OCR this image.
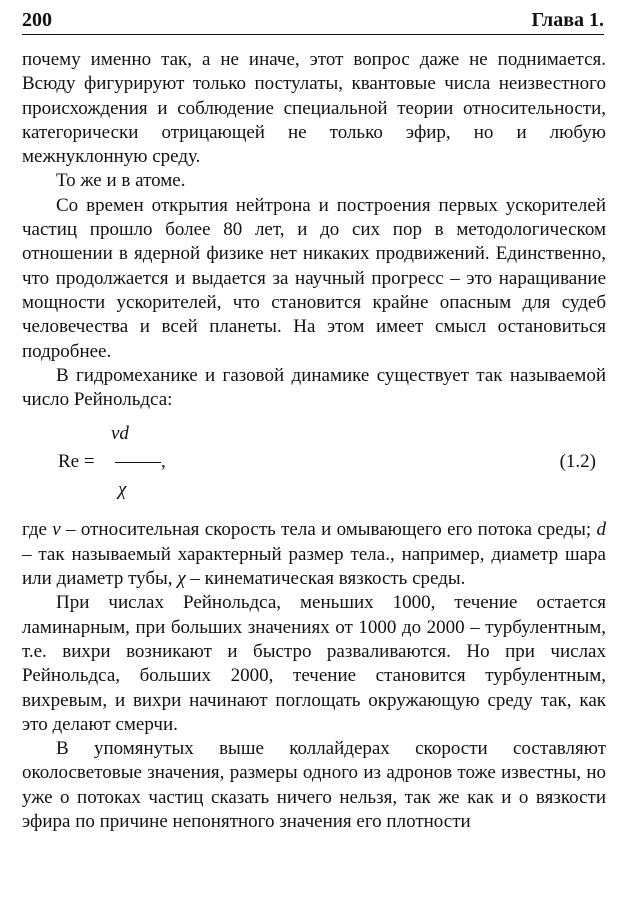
200	Глава 1.

почему именно так, а не иначе, этот вопрос даже не поднимается. Всюду фигурируют только постулаты, квантовые числа неизвестного происхождения и соблюдение специальной теории относительности, категорически отрицающей не только эфир, но и любую межнуклонную среду.

То же и в атоме.

Со времен открытия нейтрона и построения первых ускорителей частиц прошло более 80 лет, и до сих пор в методологическом отношении в ядерной физике нет никаких продвижений. Единственно, что продолжается и выдается за научный прогресс – это наращивание мощности ускорителей, что становится крайне опасным для судеб человечества и всей планеты. На этом имеет смысл остановиться подробнее.

В гидромеханике и газовой динамике существует так называемой число Рейнольдса:

vd
Re =	,
χ
(1.2)

где v – относительная скорость тела и омывающего его потока среды; d – так называемый характерный размер тела., например, диаметр шара или диаметр тубы, χ – кинематическая вязкость среды.

При числах Рейнольдса, меньших 1000, течение остается ламинарным, при больших значениях от 1000 до 2000 – турбулентным, т.е. вихри возникают и быстро разваливаются. Но при числах Рейнольдса, больших 2000, течение становится турбулентным, вихревым, и вихри начинают поглощать окружающую среду так, как это делают смерчи.

В упомянутых выше коллайдерах скорости составляют околосветовые значения, размеры одного из адронов тоже известны, но уже о потоках частиц сказать ничего нельзя, так же как и о вязкости эфира по причине непонятного значения его плотности
